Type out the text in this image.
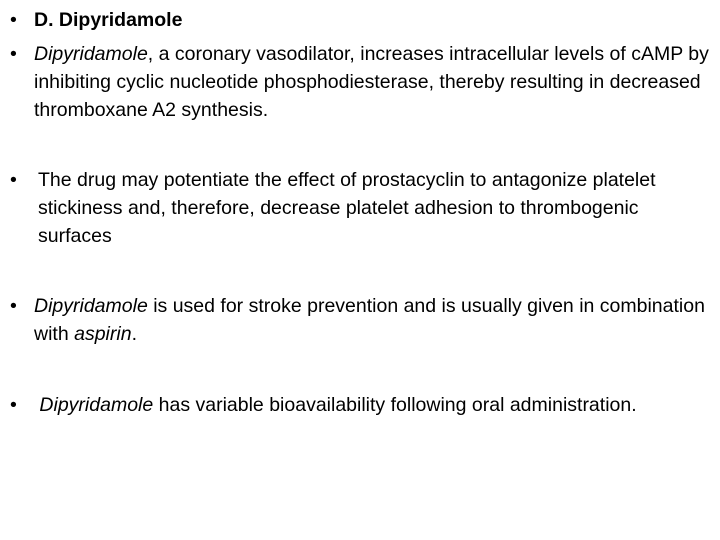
• D. Dipyridamole
• Dipyridamole, a coronary vasodilator, increases intracellular levels of cAMP by inhibiting cyclic nucleotide phosphodiesterase, thereby resulting in decreased thromboxane A2 synthesis.
•	The drug may potentiate the effect of prostacyclin to antagonize platelet stickiness and, therefore, decrease platelet adhesion to thrombogenic surfaces
• Dipyridamole is used for stroke prevention and is usually given in combination with aspirin.
•	Dipyridamole has variable bioavailability following oral administration.
